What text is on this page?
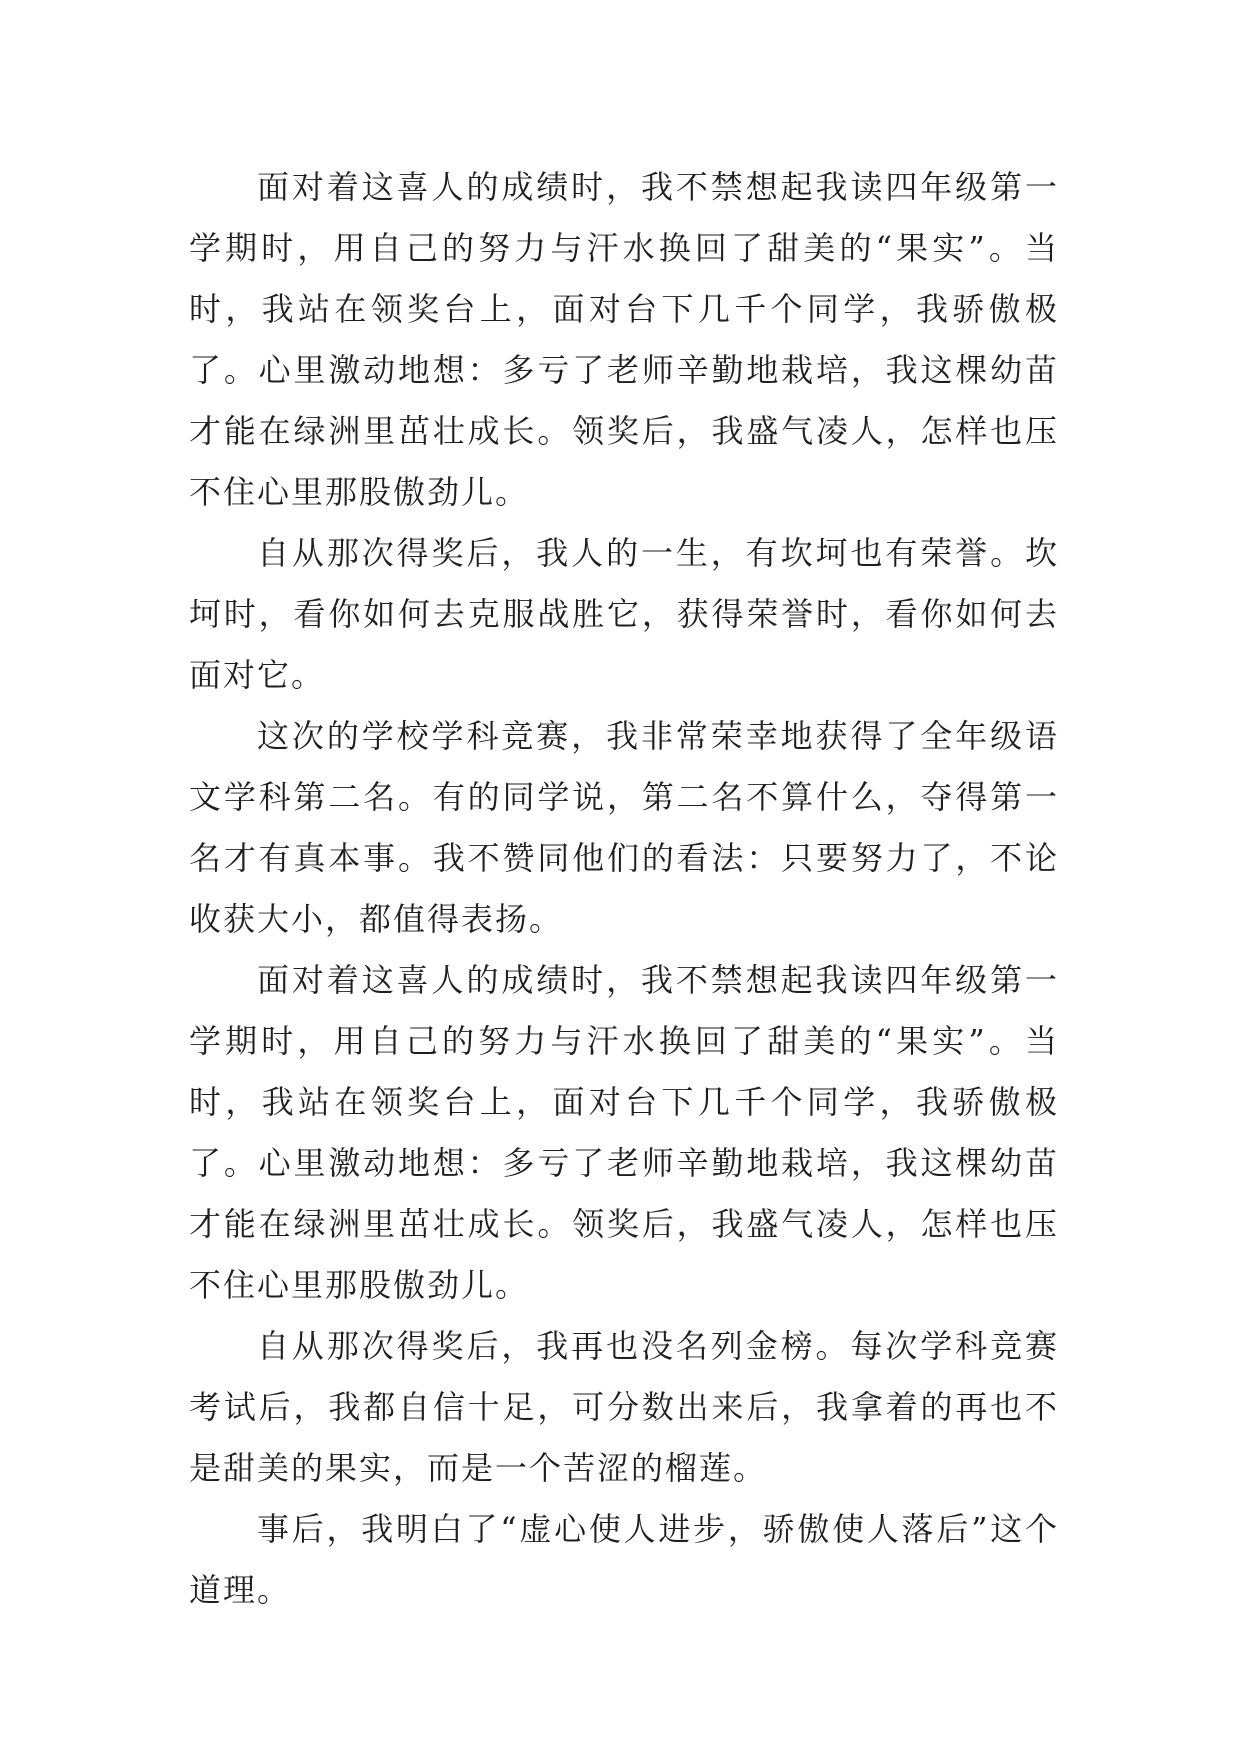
面对着这喜人的成绩时，我不禁想起我读四年级第一学期时，用自己的努力与汗水换回了甜美的“果实”。当时，我站在领奖台上，面对台下几千个同学，我骄傲极了。心里激动地想：多亏了老师辛勤地栽培，我这棵幼苗才能在绿洲里茁壮成长。领奖后，我盛气凌人，怎样也压不住心里那股傲劲儿。

自从那次得奖后，我人的一生，有坎坷也有荣誉。坎坷时，看你如何去克服战胜它，获得荣誉时，看你如何去面对它。

这次的学校学科竞赛，我非常荣幸地获得了全年级语文学科第二名。有的同学说，第二名不算什么，夺得第一名才有真本事。我不赞同他们的看法：只要努力了，不论收获大小，都值得表扬。

面对着这喜人的成绩时，我不禁想起我读四年级第一学期时，用自己的努力与汗水换回了甜美的“果实”。当时，我站在领奖台上，面对台下几千个同学，我骄傲极了。心里激动地想：多亏了老师辛勤地栽培，我这棵幼苗才能在绿洲里茁壮成长。领奖后，我盛气凌人，怎样也压不住心里那股傲劲儿。

自从那次得奖后，我再也没名列金榜。每次学科竞赛考试后，我都自信十足，可分数出来后，我拿着的再也不是甜美的果实，而是一个苦涩的榴莲。

事后，我明白了“虚心使人进步，骄傲使人落后”这个道理。
